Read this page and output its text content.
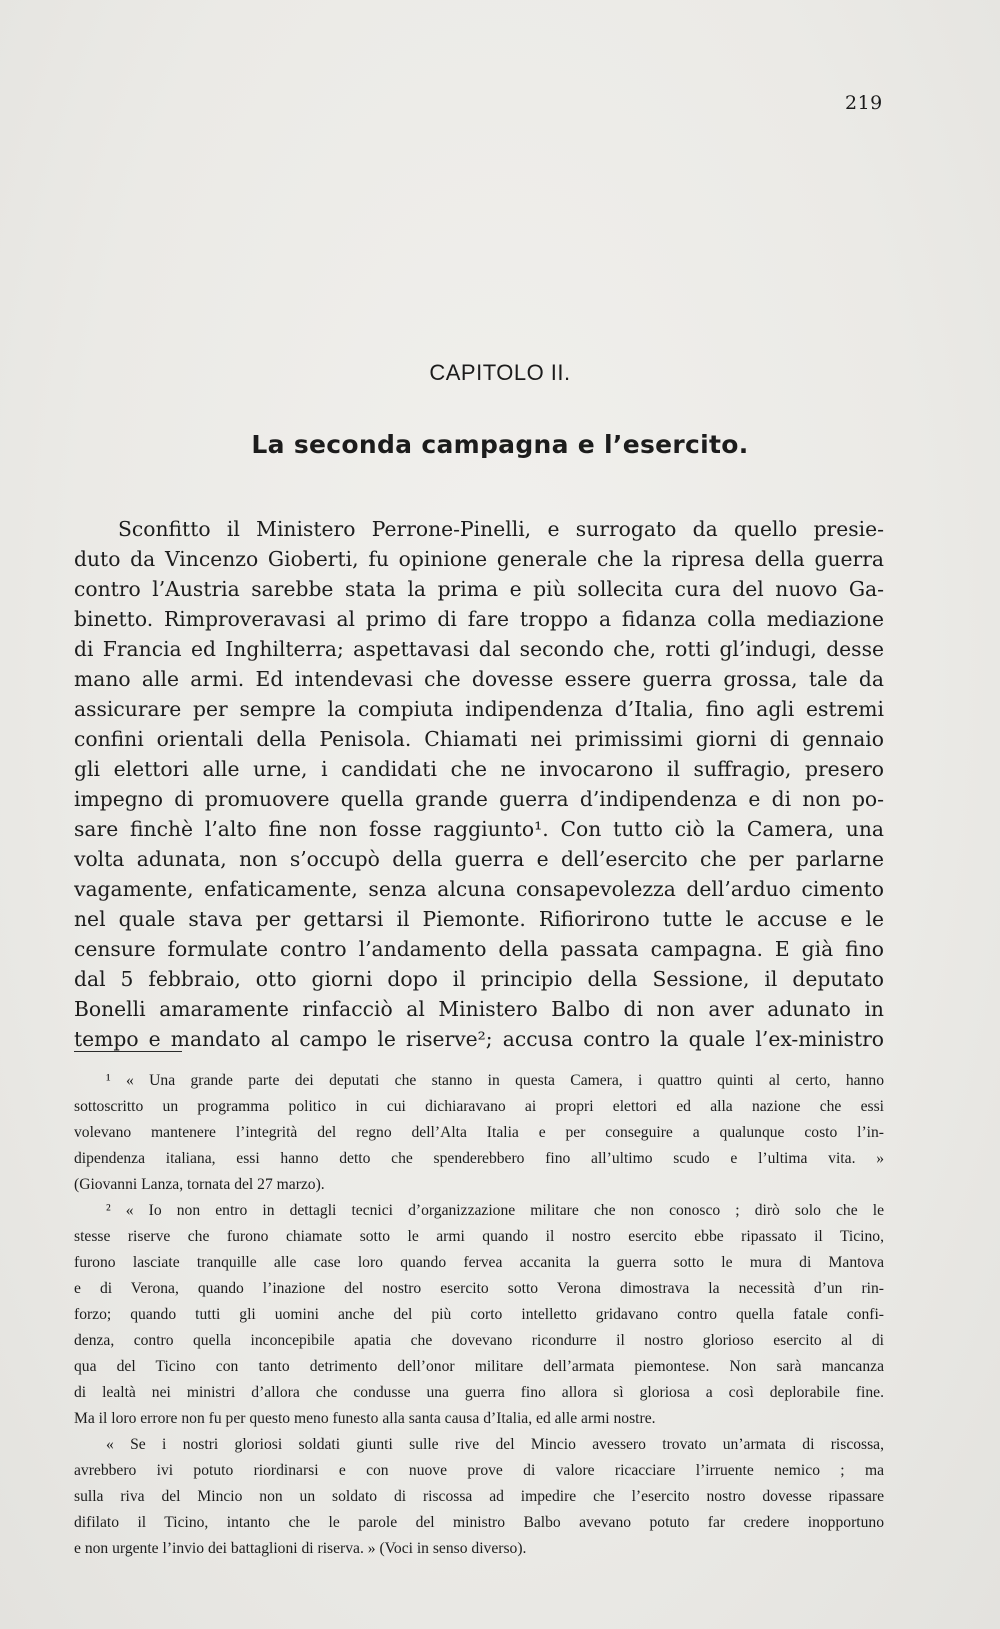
219
CAPITOLO II.
La seconda campagna e l’esercito.
Sconfitto il Ministero Perrone-Pinelli, e surrogato da quello presie-
duto da Vincenzo Gioberti, fu opinione generale che la ripresa della guerra
contro l’Austria sarebbe stata la prima e più sollecita cura del nuovo Ga-
binetto. Rimproveravasi al primo di fare troppo a fidanza colla mediazione
di Francia ed Inghilterra; aspettavasi dal secondo che, rotti gl’indugi, desse
mano alle armi. Ed intendevasi che dovesse essere guerra grossa, tale da
assicurare per sempre la compiuta indipendenza d’Italia, fino agli estremi
confini orientali della Penisola. Chiamati nei primissimi giorni di gennaio
gli elettori alle urne, i candidati che ne invocarono il suffragio, presero
impegno di promuovere quella grande guerra d’indipendenza e di non po-
sare finchè l’alto fine non fosse raggiunto¹. Con tutto ciò la Camera, una
volta adunata, non s’occupò della guerra e dell’esercito che per parlarne
vagamente, enfaticamente, senza alcuna consapevolezza dell’arduo cimento
nel quale stava per gettarsi il Piemonte. Rifiorirono tutte le accuse e le
censure formulate contro l’andamento della passata campagna. E già fino
dal 5 febbraio, otto giorni dopo il principio della Sessione, il deputato
Bonelli amaramente rinfacciò al Ministero Balbo di non aver adunato in
tempo e mandato al campo le riserve²; accusa contro la quale l’ex-ministro
¹ « Una grande parte dei deputati che stanno in questa Camera, i quattro quinti al certo, hanno
sottoscritto un programma politico in cui dichiaravano ai propri elettori ed alla nazione che essi
volevano mantenere l’integrità del regno dell’Alta Italia e per conseguire a qualunque costo l’in-
dipendenza italiana, essi hanno detto che spenderebbero fino all’ultimo scudo e l’ultima vita. »
(Giovanni Lanza, tornata del 27 marzo).
² « Io non entro in dettagli tecnici d’organizzazione militare che non conosco ; dirò solo che le
stesse riserve che furono chiamate sotto le armi quando il nostro esercito ebbe ripassato il Ticino,
furono lasciate tranquille alle case loro quando fervea accanita la guerra sotto le mura di Mantova
e di Verona, quando l’inazione del nostro esercito sotto Verona dimostrava la necessità d’un rin-
forzo; quando tutti gli uomini anche del più corto intelletto gridavano contro quella fatale confi-
denza, contro quella inconcepibile apatia che dovevano ricondurre il nostro glorioso esercito al di
qua del Ticino con tanto detrimento dell’onor militare dell’armata piemontese. Non sarà mancanza
di lealtà nei ministri d’allora che condusse una guerra fino allora sì gloriosa a così deplorabile fine.
Ma il loro errore non fu per questo meno funesto alla santa causa d’Italia, ed alle armi nostre.
« Se i nostri gloriosi soldati giunti sulle rive del Mincio avessero trovato un’armata di riscossa,
avrebbero ivi potuto riordinarsi e con nuove prove di valore ricacciare l’irruente nemico ; ma
sulla riva del Mincio non un soldato di riscossa ad impedire che l’esercito nostro dovesse ripassare
difilato il Ticino, intanto che le parole del ministro Balbo avevano potuto far credere inopportuno
e non urgente l’invio dei battaglioni di riserva. » (Voci in senso diverso).
